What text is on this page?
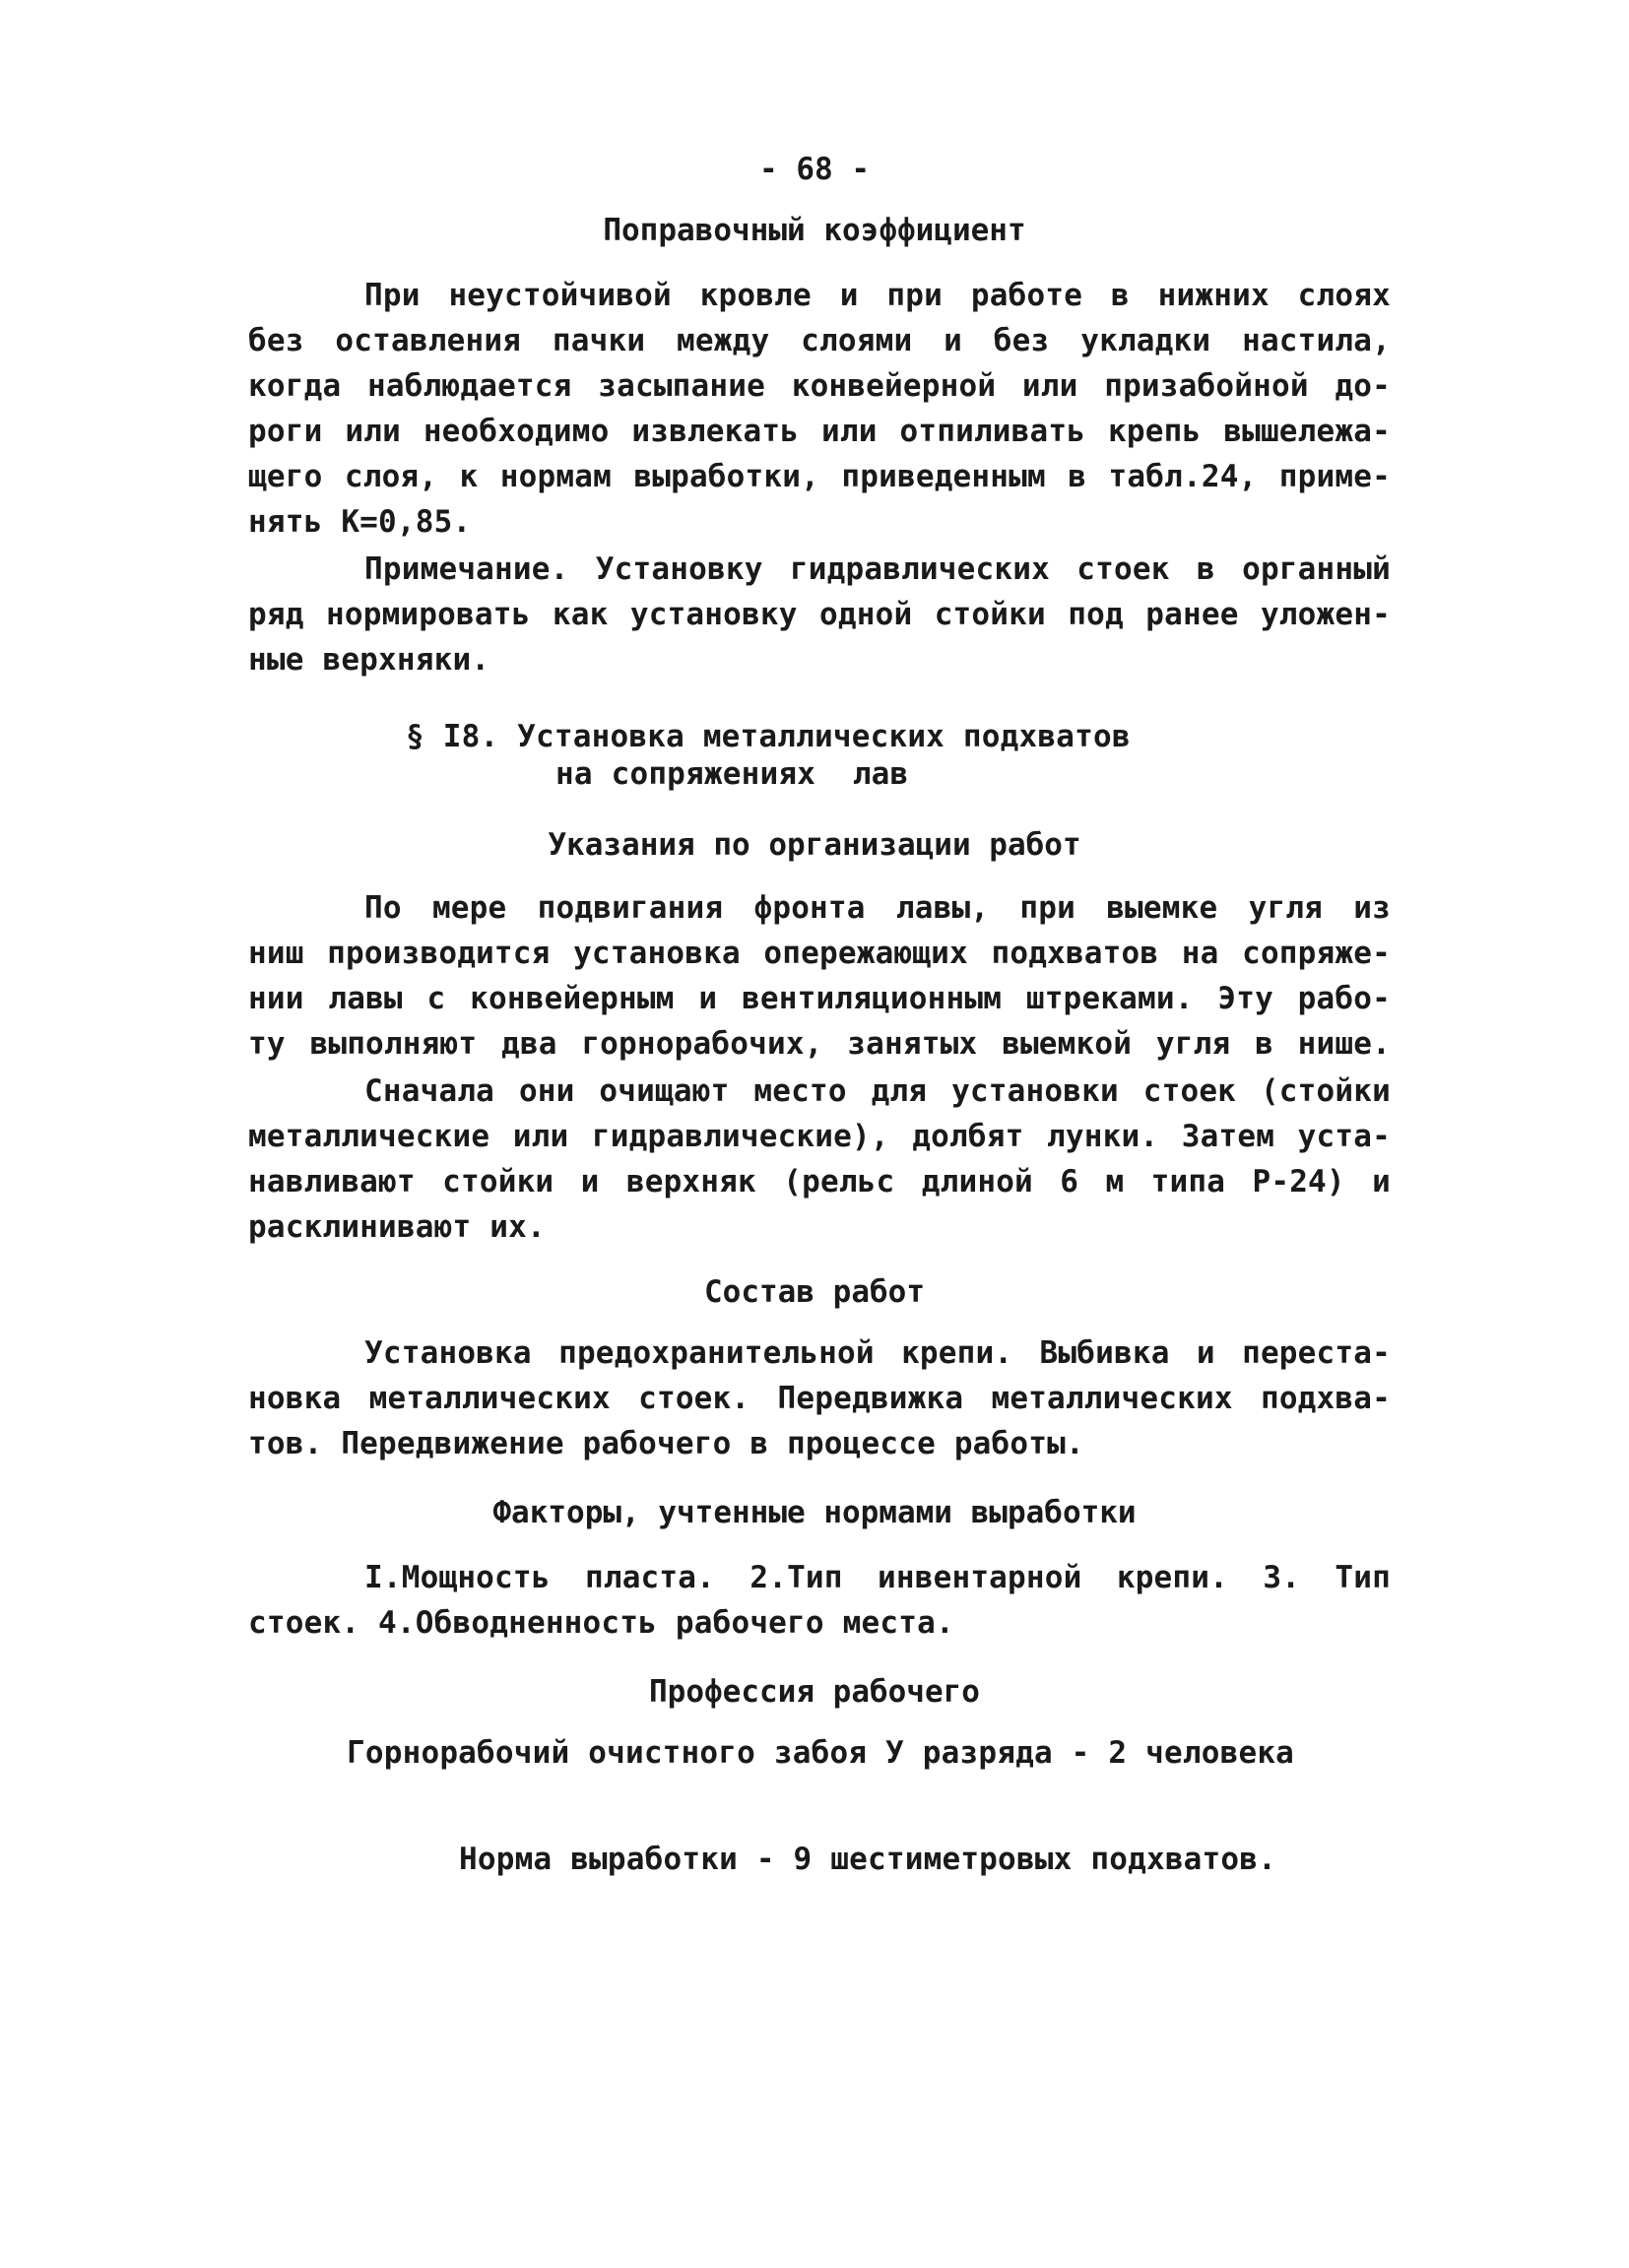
- 68 -
Поправочный коэффициент
При неустойчивой кровле и при работе в нижних слоях
без оставления пачки между слоями и без укладки настила,
когда наблюдается засыпание конвейерной или призабойной до-
роги или необходимо извлекать или отпиливать крепь вышележа-
щего слоя, к нормам выработки, приведенным в табл.24, приме-
нять К=0,85.
Примечание. Установку гидравлических стоек в органный
ряд нормировать как установку одной стойки под ранее уложен-
ные верхняки.
§ I8. Установка металлических подхватов
на сопряжениях  лав
Указания по организации работ
По мере подвигания фронта лавы, при выемке угля из
ниш производится установка опережающих подхватов на сопряже-
нии лавы с конвейерным и вентиляционным штреками. Эту рабо-
ту выполняют два горнорабочих, занятых выемкой угля в нише.
Сначала они очищают место для установки стоек (стойки
металлические или гидравлические), долбят лунки. Затем уста-
навливают стойки и верхняк (рельс длиной 6 м типа Р-24) и
расклинивают их.
Состав работ
Установка предохранительной крепи. Выбивка и переста-
новка металлических стоек. Передвижка металлических подхва-
тов. Передвижение рабочего в процессе работы.
Факторы, учтенные нормами выработки
I.Мощность пласта. 2.Тип инвентарной крепи. 3. Тип
стоек. 4.Обводненность рабочего места.
Профессия рабочего
Горнорабочий очистного забоя У разряда - 2 человека
Норма выработки - 9 шестиметровых подхватов.
